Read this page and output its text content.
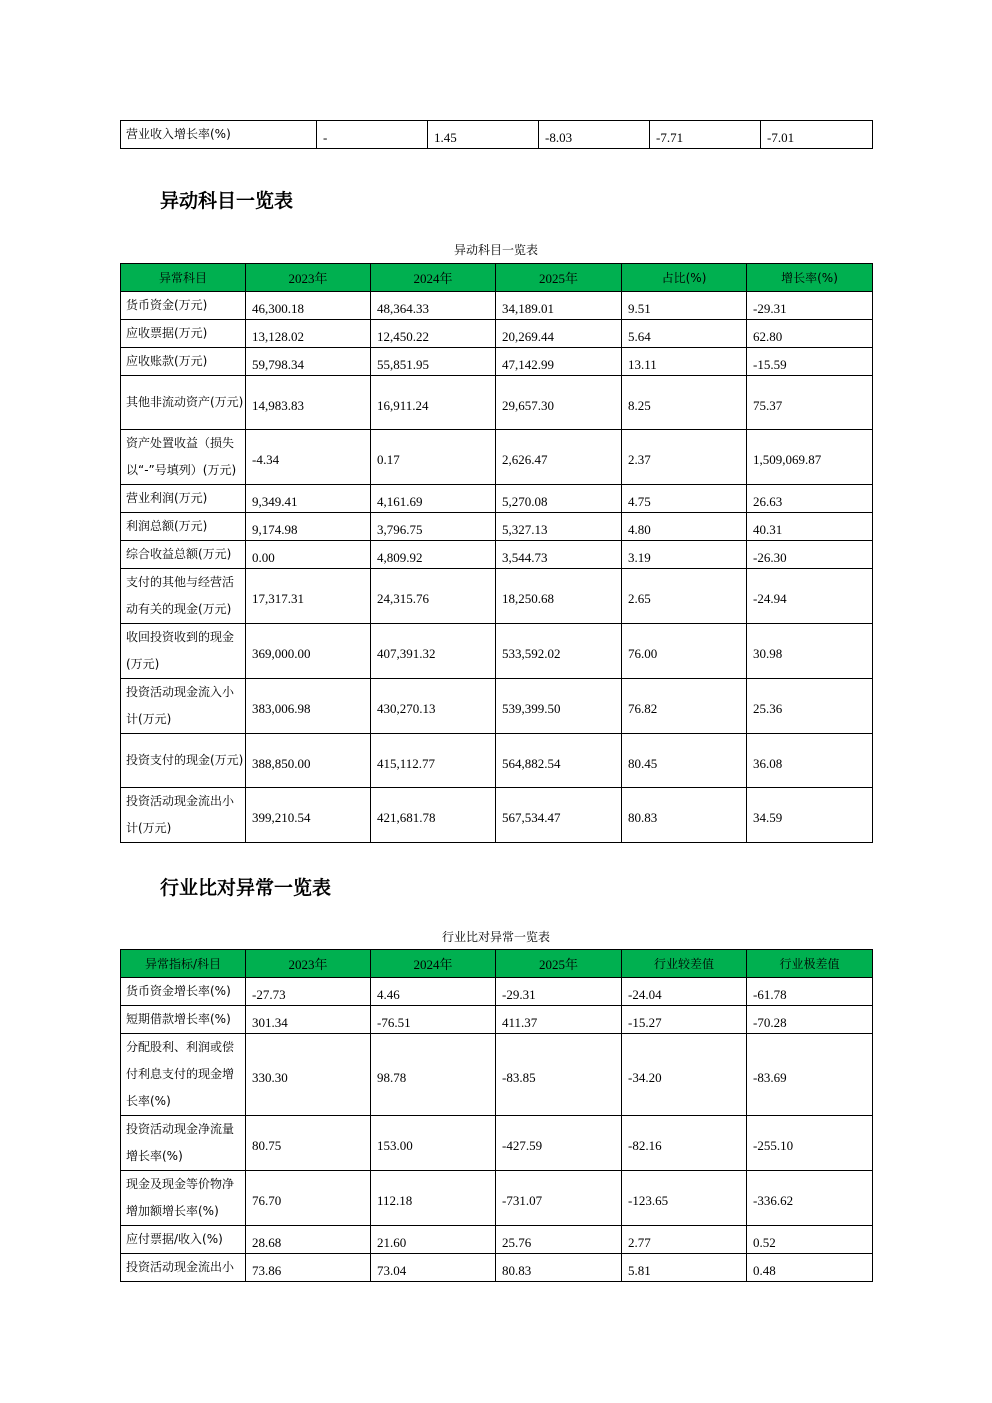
营业收入增长率(%)	-	1.45	-8.03	-7.71	-7.01
异动科目一览表
异动科目一览表
异常科目	2023年	2024年	2025年	占比(%)	增长率(%)
货币资金(万元)	46,300.18	48,364.33	34,189.01	9.51	-29.31
应收票据(万元)	13,128.02	12,450.22	20,269.44	5.64	62.80
应收账款(万元)	59,798.34	55,851.95	47,142.99	13.11	-15.59
其他非流动资产(万元)	14,983.83	16,911.24	29,657.30	8.25	75.37
资产处置收益（损失以“-”号填列）(万元)	-4.34	0.17	2,626.47	2.37	1,509,069.87
营业利润(万元)	9,349.41	4,161.69	5,270.08	4.75	26.63
利润总额(万元)	9,174.98	3,796.75	5,327.13	4.80	40.31
综合收益总额(万元)	0.00	4,809.92	3,544.73	3.19	-26.30
支付的其他与经营活动有关的现金(万元)	17,317.31	24,315.76	18,250.68	2.65	-24.94
收回投资收到的现金(万元)	369,000.00	407,391.32	533,592.02	76.00	30.98
投资活动现金流入小计(万元)	383,006.98	430,270.13	539,399.50	76.82	25.36
投资支付的现金(万元)	388,850.00	415,112.77	564,882.54	80.45	36.08
投资活动现金流出小计(万元)	399,210.54	421,681.78	567,534.47	80.83	34.59
行业比对异常一览表
行业比对异常一览表
异常指标/科目	2023年	2024年	2025年	行业较差值	行业极差值
货币资金增长率(%)	-27.73	4.46	-29.31	-24.04	-61.78
短期借款增长率(%)	301.34	-76.51	411.37	-15.27	-70.28
分配股利、利润或偿付利息支付的现金增长率(%)	330.30	98.78	-83.85	-34.20	-83.69
投资活动现金净流量增长率(%)	80.75	153.00	-427.59	-82.16	-255.10
现金及现金等价物净增加额增长率(%)	76.70	112.18	-731.07	-123.65	-336.62
应付票据/收入(%)	28.68	21.60	25.76	2.77	0.52
投资活动现金流出小	73.86	73.04	80.83	5.81	0.48
